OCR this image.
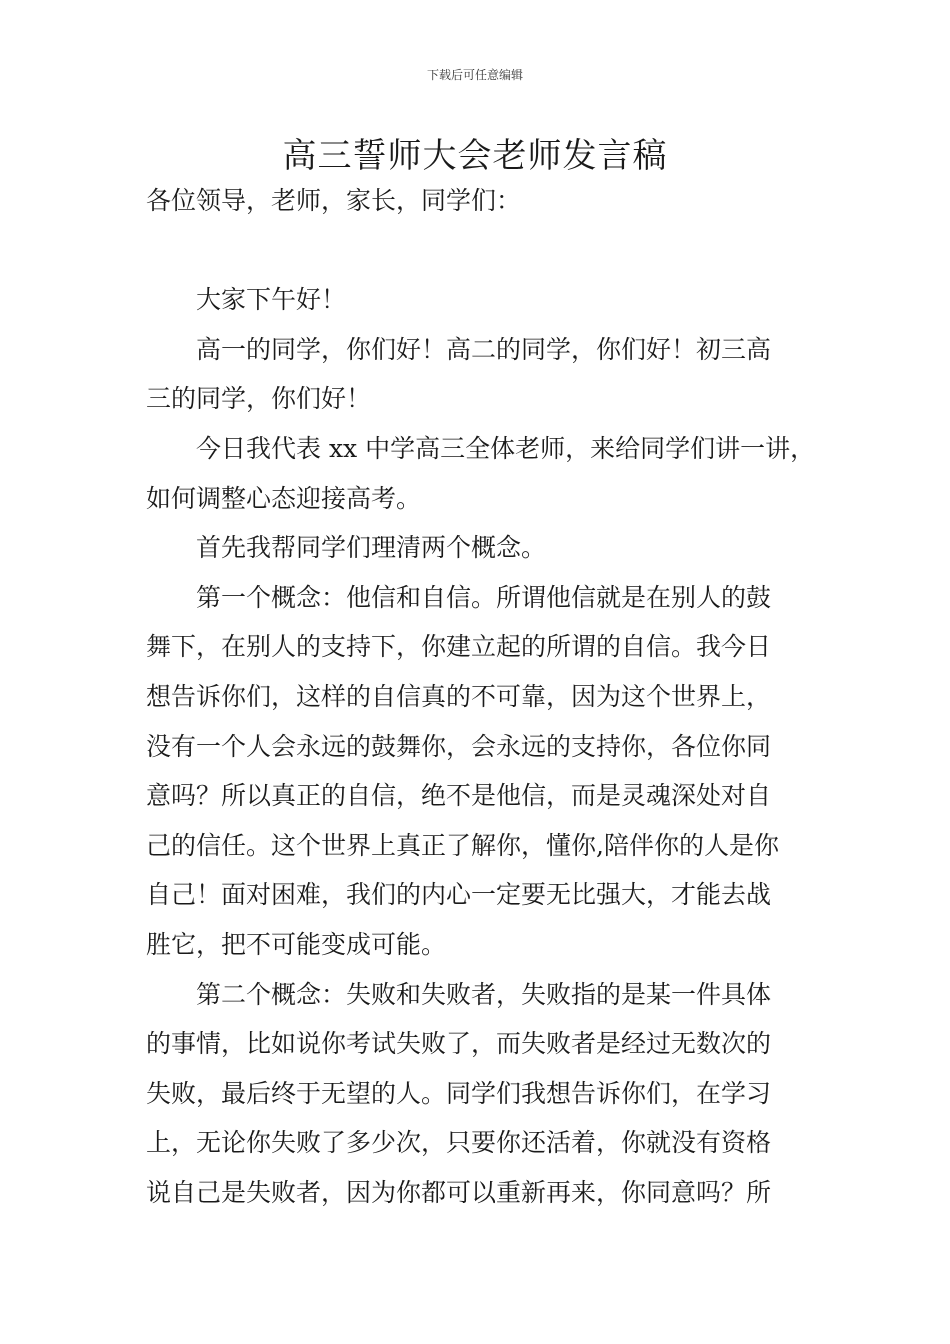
下载后可任意编辑
高三誓师大会老师发言稿
各位领导，老师，家长，同学们：
大家下午好！
高一的同学，你们好！高二的同学，你们好！初三高
三的同学，你们好！
今日我代表 xx 中学高三全体老师，来给同学们讲一讲，
如何调整心态迎接高考。
首先我帮同学们理清两个概念。
第一个概念：他信和自信。所谓他信就是在别人的鼓
舞下，在别人的支持下，你建立起的所谓的自信。我今日
想告诉你们，这样的自信真的不可靠，因为这个世界上，
没有一个人会永远的鼓舞你，会永远的支持你，各位你同
意吗？所以真正的自信，绝不是他信，而是灵魂深处对自
己的信任。这个世界上真正了解你，懂你,陪伴你的人是你
自己！面对困难，我们的内心一定要无比强大，才能去战
胜它，把不可能变成可能。
第二个概念：失败和失败者，失败指的是某一件具体
的事情，比如说你考试失败了，而失败者是经过无数次的
失败，最后终于无望的人。同学们我想告诉你们，在学习
上，无论你失败了多少次，只要你还活着，你就没有资格
说自己是失败者，因为你都可以重新再来，你同意吗？所
